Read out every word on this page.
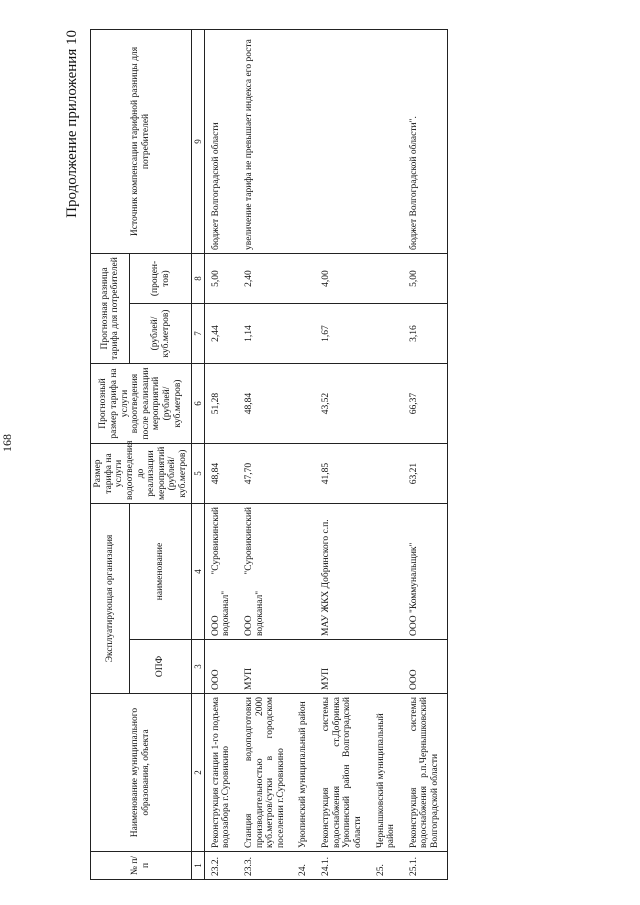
168
Продолжение приложения 10
№ п/п	Наименование муниципального образования, объекта	Эксплуатирующая организация		Размер тарифа на услуги водоотведения до реализации мероприятий (рублей/ куб.метров)	Прогнозный размер тарифа на услуги водоотведения после реализации мероприятий (рублей/ куб.метров)	Прогнозная разница тарифа для потребителей		Источник компенсации тарифной разницы для потребителей
		ОПФ	наименование			(рублей/ куб.метров)	(процен-тов)	
1	2	3	4	5	6	7	8	9
23.2.	Реконструкция станции 1-го подъема водозабора г.Суровикино	ООО	ООО "Суровикинский водоканал"	48,84	51,28	2,44	5,00	бюджет Волгоградской области
23.3.	Станция водоподготовки производительностью 2000 куб.метров/сутки в городском поселении г.Суровикино	МУП	ООО "Суровикинский водоканал"	47,70	48,84	1,14	2,40	увеличение тарифа не превышает индекса его роста
24.	Урюпинский муниципальный район							
24.1.	Реконструкция системы водоснабжения ст.Добринка Урюпинский район Волгоградской области	МУП	МАУ ЖКХ Добринского с.п.	41,85	43,52	1,67	4,00	
25.	Чернышковский муниципальный район							
25.1.	Реконструкция системы водоснабжения р.п.Чернышковский Волгоградской области	ООО	ООО "Коммунальщик"	63,21	66,37	3,16	5,00	бюджет Волгоградской области".
